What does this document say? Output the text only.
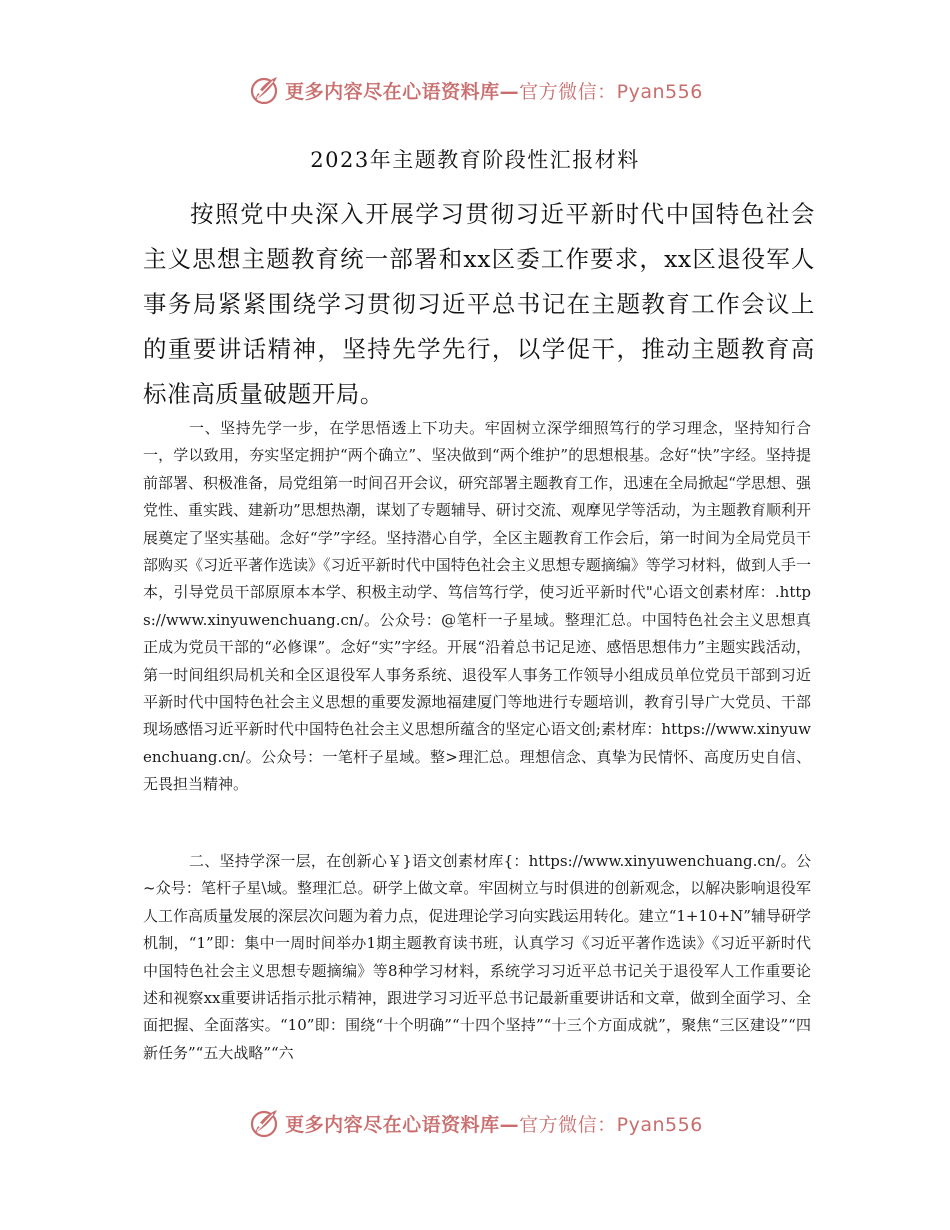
更多内容尽在心语资料库—官方微信：Pyan556
2023年主题教育阶段性汇报材料

按照党中央深入开展学习贯彻习近平新时代中国特色社会主义思想主题教育统一部署和xx区委工作要求，xx区退役军人事务局紧紧围绕学习贯彻习近平总书记在主题教育工作会议上的重要讲话精神，坚持先学先行，以学促干，推动主题教育高标准高质量破题开局。

一、坚持先学一步，在学思悟透上下功夫。牢固树立深学细照笃行的学习理念，坚持知行合一，学以致用，夯实坚定拥护“两个确立”、坚决做到“两个维护”的思想根基。念好“快”字经。坚持提前部署、积极准备，局党组第一时间召开会议，研究部署主题教育工作，迅速在全局掀起“学思想、强党性、重实践、建新功”思想热潮，谋划了专题辅导、研讨交流、观摩见学等活动，为主题教育顺利开展奠定了坚实基础。念好“学”字经。坚持潜心自学，全区主题教育工作会后，第一时间为全局党员干部购买《习近平著作选读》《习近平新时代中国特色社会主义思想专题摘编》等学习材料，做到人手一本，引导党员干部原原本本学、积极主动学、笃信笃行学，使习近平新时代"心语文创素材库：.https://www.xinyuwenchuang.cn/。公众号：@笔杆一子星域。整理汇总。中国特色社会主义思想真正成为党员干部的“必修课”。念好“实”字经。开展“沿着总书记足迹、感悟思想伟力”主题实践活动，第一时间组织局机关和全区退役军人事务系统、退役军人事务工作领导小组成员单位党员干部到习近平新时代中国特色社会主义思想的重要发源地福建厦门等地进行专题培训，教育引导广大党员、干部现场感悟习近平新时代中国特色社会主义思想所蕴含的坚定心语文创;素材库：https://www.xinyuwenchuang.cn/。公众号：一笔杆子星域。整>理汇总。理想信念、真挚为民情怀、高度历史自信、无畏担当精神。

二、坚持学深一层，在创新心￥}语文创素材库{：https://www.xinyuwenchuang.cn/。公~众号：笔杆子星\域。整理汇总。研学上做文章。牢固树立与时俱进的创新观念，以解决影响退役军人工作高质量发展的深层次问题为着力点，促进理论学习向实践运用转化。建立“1+10+N”辅导研学机制，“1”即：集中一周时间举办1期主题教育读书班，认真学习《习近平著作选读》《习近平新时代中国特色社会主义思想专题摘编》等8种学习材料，系统学习习近平总书记关于退役军人工作重要论述和视察xx重要讲话指示批示精神，跟进学习习近平总书记最新重要讲话和文章，做到全面学习、全面把握、全面落实。“10”即：围绕“十个明确”“十四个坚持”“十三个方面成就”，聚焦“三区建设”“四新任务”“五大战略”“六

更多内容尽在心语资料库—官方微信：Pyan556
